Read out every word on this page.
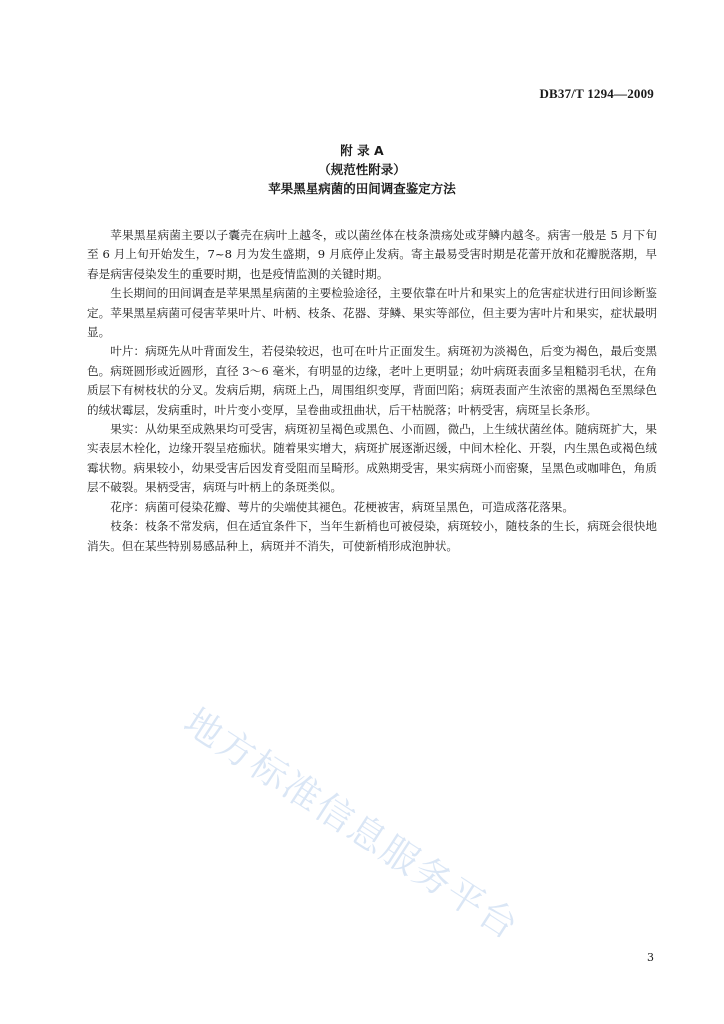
DB37/T 1294—2009
附 录 A
（规范性附录）
苹果黑星病菌的田间调查鉴定方法

苹果黑星病菌主要以子囊壳在病叶上越冬，或以菌丝体在枝条溃疡处或芽鳞内越冬。病害一般是 5 月下旬至 6 月上旬开始发生，7~8 月为发生盛期，9 月底停止发病。寄主最易受害时期是花蕾开放和花瓣脱落期，早春是病害侵染发生的重要时期，也是疫情监测的关键时期。

生长期间的田间调查是苹果黑星病菌的主要检验途径，主要依靠在叶片和果实上的危害症状进行田间诊断鉴定。苹果黑星病菌可侵害苹果叶片、叶柄、枝条、花器、芽鳞、果实等部位，但主要为害叶片和果实，症状最明显。

叶片：病斑先从叶背面发生，若侵染较迟，也可在叶片正面发生。病斑初为淡褐色，后变为褐色，最后变黑色。病斑圆形或近圆形，直径 3～6 毫米，有明显的边缘，老叶上更明显；幼叶病斑表面多呈粗糙羽毛状，在角质层下有树枝状的分叉。发病后期，病斑上凸，周围组织变厚，背面凹陷；病斑表面产生浓密的黑褐色至黑绿色的绒状霉层，发病重时，叶片变小变厚，呈卷曲或扭曲状，后干枯脱落；叶柄受害，病斑呈长条形。

果实：从幼果至成熟果均可受害，病斑初呈褐色或黑色、小而圆，微凸，上生绒状菌丝体。随病斑扩大，果实表层木栓化，边缘开裂呈疮痂状。随着果实增大，病斑扩展逐渐迟缓，中间木栓化、开裂，内生黑色或褐色绒霉状物。病果较小，幼果受害后因发育受阻而呈畸形。成熟期受害，果实病斑小而密聚，呈黑色或咖啡色，角质层不破裂。果柄受害，病斑与叶柄上的条斑类似。

花序：病菌可侵染花瓣、萼片的尖端使其褪色。花梗被害，病斑呈黑色，可造成落花落果。

枝条：枝条不常发病，但在适宜条件下，当年生新梢也可被侵染，病斑较小，随枝条的生长，病斑会很快地消失。但在某些特别易感品种上，病斑并不消失，可使新梢形成泡肿状。

地方标准信息服务平台
3
